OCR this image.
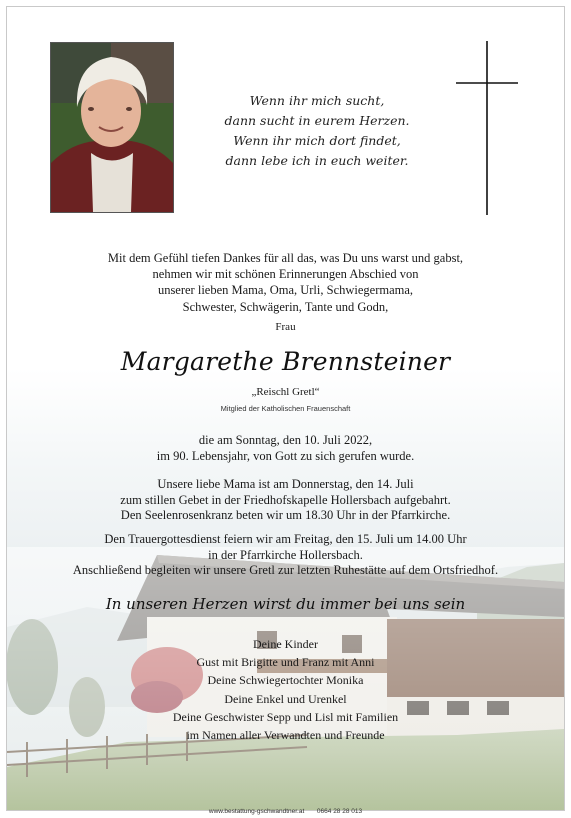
Wenn ihr mich sucht,
dann sucht in eurem Herzen.
Wenn ihr mich dort findet,
dann lebe ich in euch weiter.
Mit dem Gefühl tiefen Dankes für all das, was Du uns warst und gabst,
nehmen wir mit schönen Erinnerungen Abschied von
unserer lieben Mama, Oma, Urli, Schwiegermama,
Schwester, Schwägerin, Tante und Godn,
Frau
Margarethe Brennsteiner
„Reischl Gretl“
Mitglied der Katholischen Frauenschaft
die am Sonntag, den 10. Juli 2022,
im 90. Lebensjahr, von Gott zu sich gerufen wurde.
Unsere liebe Mama ist am Donnerstag, den 14. Juli
zum stillen Gebet in der Friedhofskapelle Hollersbach aufgebahrt.
Den Seelenrosenkranz beten wir um 18.30 Uhr in der Pfarrkirche.
Den Trauergottesdienst feiern wir am Freitag, den 15. Juli um 14.00 Uhr
in der Pfarrkirche Hollersbach.
Anschließend begleiten wir unsere Gretl zur letzten Ruhestätte auf dem Ortsfriedhof.
In unseren Herzen wirst du immer bei uns sein
Deine Kinder
Gust mit Brigitte und Franz mit Anni
Deine Schwiegertochter Monika
Deine Enkel und Urenkel
Deine Geschwister Sepp und Lisl mit Familien
im Namen aller Verwandten und Freunde
www.bestattung-gschwandtner.at 0664 28 28 013
